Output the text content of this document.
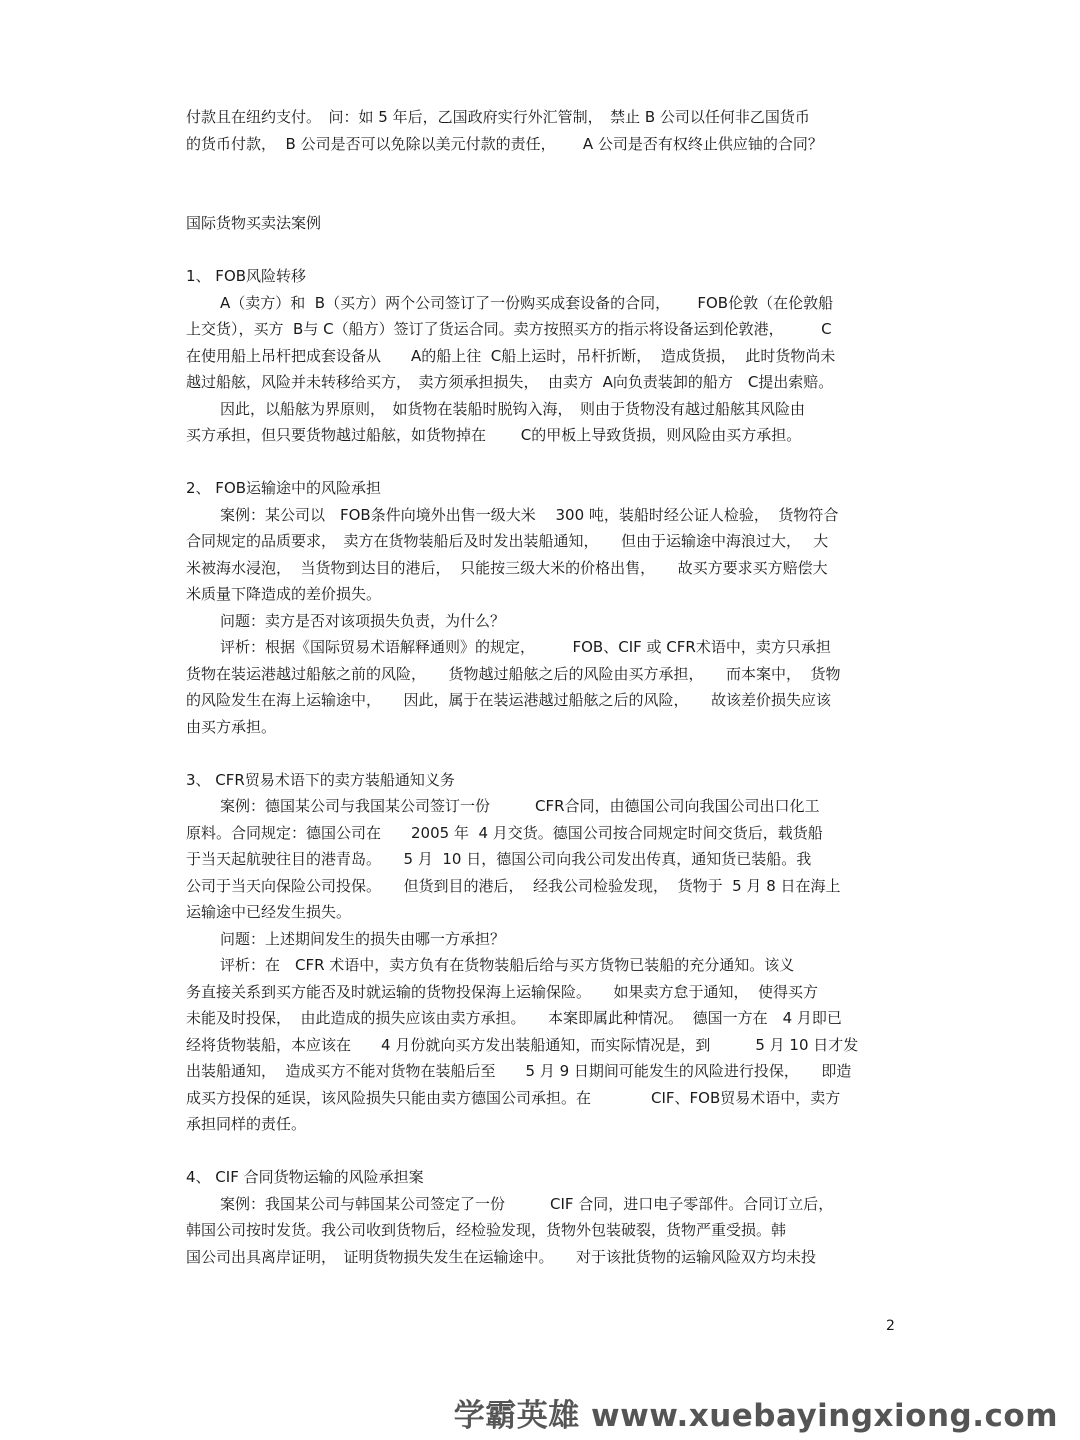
付款且在纽约支付。　问：如 5 年后，乙国政府实行外汇管制，　禁止 B 公司以任何非乙国货币
的货币付款，  B 公司是否可以免除以美元付款的责任，　　 A 公司是否有权终止供应铀的合同？
国际货物买卖法案例
1、 FOB风险转移
A（卖方）和  B（买方）两个公司签订了一份购买成套设备的合同，　　 FOB伦敦（在伦敦船
上交货），买方  B与 C（船方）签订了货运合同。卖方按照买方的指示将设备运到伦敦港，　　　C
在使用船上吊杆把成套设备从　　A的船上往  C船上运时，吊杆折断，  造成货损，  此时货物尚未
越过船舷，风险并未转移给买方，　卖方须承担损失，  由卖方  A向负责装卸的船方　C提出索赔。
因此，以船舷为界原则，　如货物在装船时脱钩入海，　则由于货物没有越过船舷其风险由
买方承担，但只要货物越过船舷，如货物掉在　　 C的甲板上导致货损，则风险由买方承担。
2、 FOB运输途中的风险承担
案例：某公司以　FOB条件向境外出售一级大米　 300 吨，装船时经公证人检验，  货物符合
合同规定的品质要求，　卖方在货物装船后及时发出装船通知，　　但由于运输途中海浪过大，　 大
米被海水浸泡，  当货物到达目的港后，  只能按三级大米的价格出售，　　故买方要求买方赔偿大
米质量下降造成的差价损失。
问题：卖方是否对该项损失负责，为什么？
评析：根据《国际贸易术语解释通则》的规定，　　　FOB、CIF 或 CFR术语中，卖方只承担
货物在装运港越过船舷之前的风险，　　货物越过船舷之后的风险由买方承担，　　而本案中，  货物
的风险发生在海上运输途中，　　因此，属于在装运港越过船舷之后的风险，　　故该差价损失应该
由买方承担。
3、 CFR贸易术语下的卖方装船通知义务
案例：德国某公司与我国某公司签订一份　　　CFR合同，由德国公司向我国公司出口化工
原料。合同规定：德国公司在　　2005 年  4 月交货。德国公司按合同规定时间交货后，载货船
于当天起航驶往目的港青岛。　　5 月  10 日，德国公司向我公司发出传真，通知货已装船。我
公司于当天向保险公司投保。　　但货到目的港后，  经我公司检验发现，  货物于  5 月 8 日在海上
运输途中已经发生损失。
问题：上述期间发生的损失由哪一方承担？
评析：在　CFR 术语中，卖方负有在货物装船后给与买方货物已装船的充分通知。该义
务直接关系到买方能否及时就运输的货物投保海上运输保险。　　如果卖方怠于通知，  使得买方
未能及时投保，  由此造成的损失应该由卖方承担。　　本案即属此种情况。  德国一方在　4 月即已
经将货物装船，本应该在　　4 月份就向买方发出装船通知，而实际情况是，到　　　5 月 10 日才发
出装船通知，  造成买方不能对货物在装船后至　　5 月 9 日期间可能发生的风险进行投保，　　即造
成买方投保的延误，该风险损失只能由卖方德国公司承担。在　　　　CIF、FOB贸易术语中，卖方
承担同样的责任。
4、 CIF 合同货物运输的风险承担案
案例：我国某公司与韩国某公司签定了一份　　　CIF 合同，进口电子零部件。合同订立后，
韩国公司按时发货。我公司收到货物后，经检验发现，货物外包装破裂，货物严重受损。韩
国公司出具离岸证明，　证明货物损失发生在运输途中。　　对于该批货物的运输风险双方均未投
2
学霸英雄 www.xuebayingxiong.com
